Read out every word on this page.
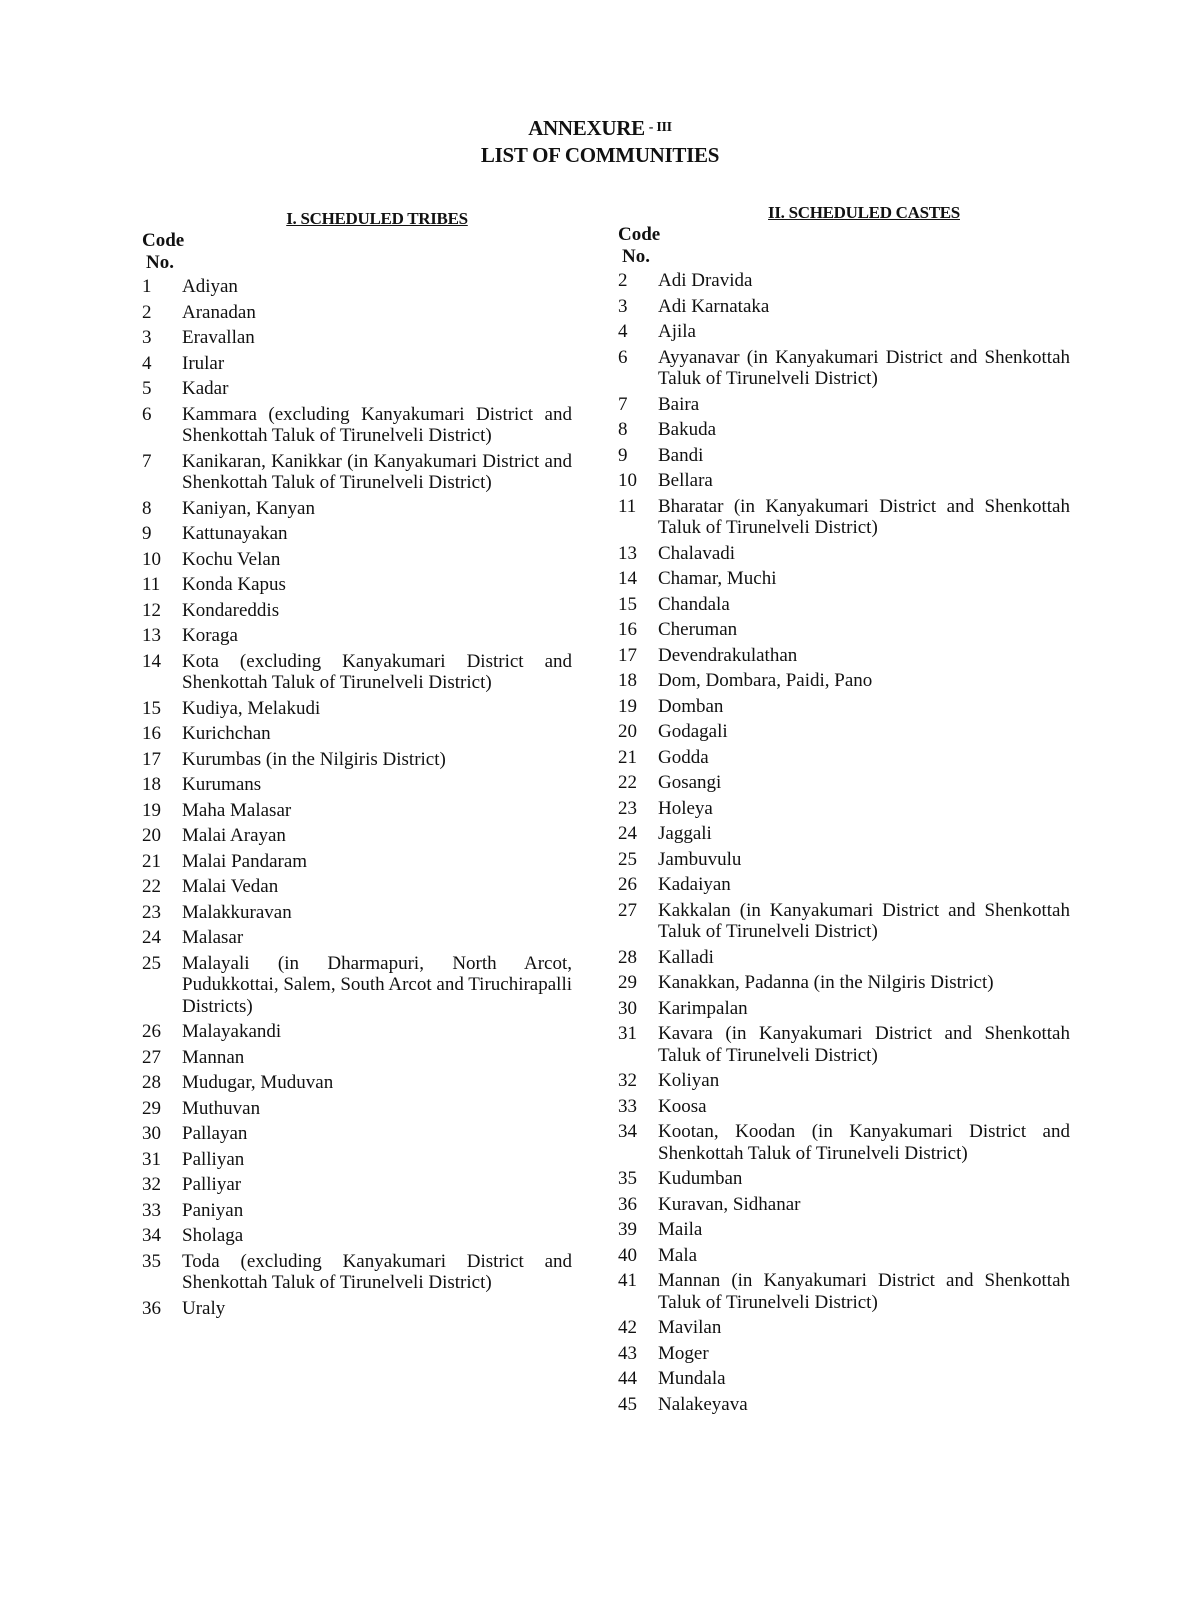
ANNEXURE $^{- III}$
LIST OF COMMUNITIES
I. SCHEDULED TRIBES
Code
No.
1	Adiyan
2	Aranadan
3	Eravallan
4	Irular
5	Kadar
6	Kammara (excluding Kanyakumari District and Shenkottah Taluk of Tirunelveli District)
7	Kanikaran, Kanikkar (in Kanyakumari District and Shenkottah Taluk of Tirunelveli District)
8	Kaniyan, Kanyan
9	Kattunayakan
10	Kochu Velan
11	Konda Kapus
12	Kondareddis
13	Koraga
14	Kota (excluding Kanyakumari District and Shenkottah Taluk of Tirunelveli District)
15	Kudiya, Melakudi
16	Kurichchan
17	Kurumbas (in the Nilgiris District)
18	Kurumans
19	Maha Malasar
20	Malai Arayan
21	Malai Pandaram
22	Malai Vedan
23	Malakkuravan
24	Malasar
25	Malayali (in Dharmapuri, North Arcot, Pudukkottai, Salem, South Arcot and Tiruchirapalli Districts)
26	Malayakandi
27	Mannan
28	Mudugar, Muduvan
29	Muthuvan
30	Pallayan
31	Palliyan
32	Palliyar
33	Paniyan
34	Sholaga
35	Toda (excluding Kanyakumari District and Shenkottah Taluk of Tirunelveli District)
36	Uraly
II. SCHEDULED CASTES
Code
No.
2	Adi Dravida
3	Adi Karnataka
4	Ajila
6	Ayyanavar (in Kanyakumari District and Shenkottah Taluk of Tirunelveli District)
7	Baira
8	Bakuda
9	Bandi
10	Bellara
11	Bharatar (in Kanyakumari District and Shenkottah Taluk of Tirunelveli District)
13	Chalavadi
14	Chamar, Muchi
15	Chandala
16	Cheruman
17	Devendrakulathan
18	Dom, Dombara, Paidi, Pano
19	Domban
20	Godagali
21	Godda
22	Gosangi
23	Holeya
24	Jaggali
25	Jambuvulu
26	Kadaiyan
27	Kakkalan (in Kanyakumari District and Shenkottah Taluk of Tirunelveli District)
28	Kalladi
29	Kanakkan, Padanna (in the Nilgiris District)
30	Karimpalan
31	Kavara (in Kanyakumari District and Shenkottah Taluk of Tirunelveli District)
32	Koliyan
33	Koosa
34	Kootan, Koodan (in Kanyakumari District and Shenkottah Taluk of Tirunelveli District)
35	Kudumban
36	Kuravan, Sidhanar
39	Maila
40	Mala
41	Mannan (in Kanyakumari District and Shenkottah Taluk of Tirunelveli District)
42	Mavilan
43	Moger
44	Mundala
45	Nalakeyava
